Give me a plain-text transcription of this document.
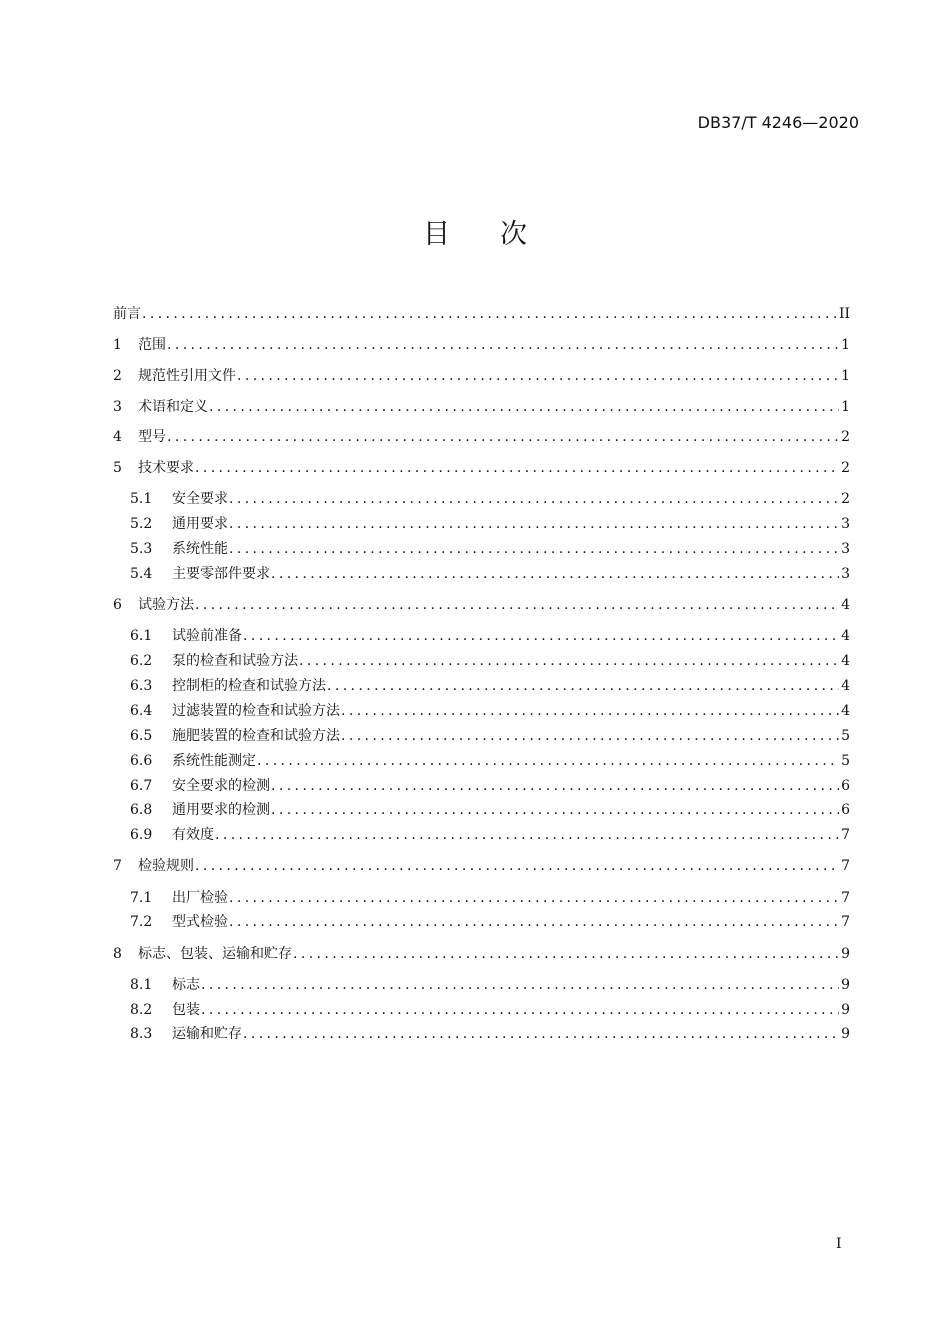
DB37/T 4246—2020
目次
前言 .....	II
1 范围 .....	1
2 规范性引用文件 .....	1
3 术语和定义 .....	1
4 型号 .....	2
5 技术要求 .....	2
5.1 安全要求 .....	2
5.2 通用要求 .....	3
5.3 系统性能 .....	3
5.4 主要零部件要求 .....	3
6 试验方法 .....	4
6.1 试验前准备 .....	4
6.2 泵的检查和试验方法 .....	4
6.3 控制柜的检查和试验方法 .....	4
6.4 过滤装置的检查和试验方法 .....	4
6.5 施肥装置的检查和试验方法 .....	5
6.6 系统性能测定 .....	5
6.7 安全要求的检测 .....	6
6.8 通用要求的检测 .....	6
6.9 有效度 .....	7
7 检验规则 .....	7
7.1 出厂检验 .....	7
7.2 型式检验 .....	7
8 标志、包装、运输和贮存 .....	9
8.1 标志 .....	9
8.2 包装 .....	9
8.3 运输和贮存 .....	9
I
